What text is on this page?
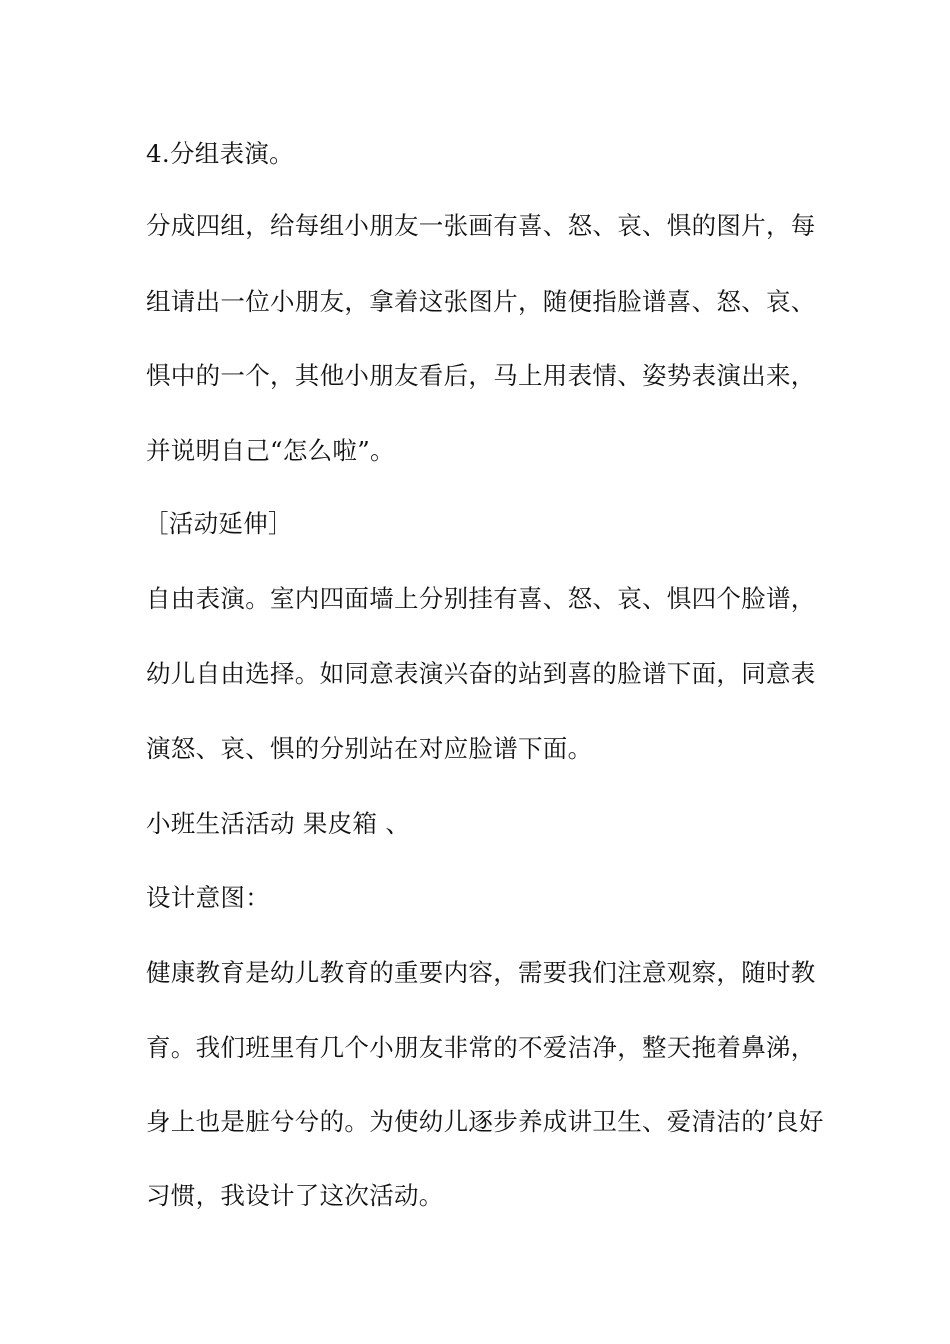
4.分组表演。
分成四组，给每组小朋友一张画有喜、怒、哀、惧的图片，每
组请出一位小朋友，拿着这张图片，随便指脸谱喜、怒、哀、
惧中的一个，其他小朋友看后，马上用表情、姿势表演出来，
并说明自己“怎么啦”。
［活动延伸］
自由表演。室内四面墙上分别挂有喜、怒、哀、惧四个脸谱，
幼儿自由选择。如同意表演兴奋的站到喜的脸谱下面，同意表
演怒、哀、惧的分别站在对应脸谱下面。
小班生活活动 果皮箱 、
设计意图：
健康教育是幼儿教育的重要内容，需要我们注意观察，随时教
育。我们班里有几个小朋友非常的不爱洁净，整天拖着鼻涕，
身上也是脏兮兮的。为使幼儿逐步养成讲卫生、爱清洁的’良好
习惯，我设计了这次活动。
